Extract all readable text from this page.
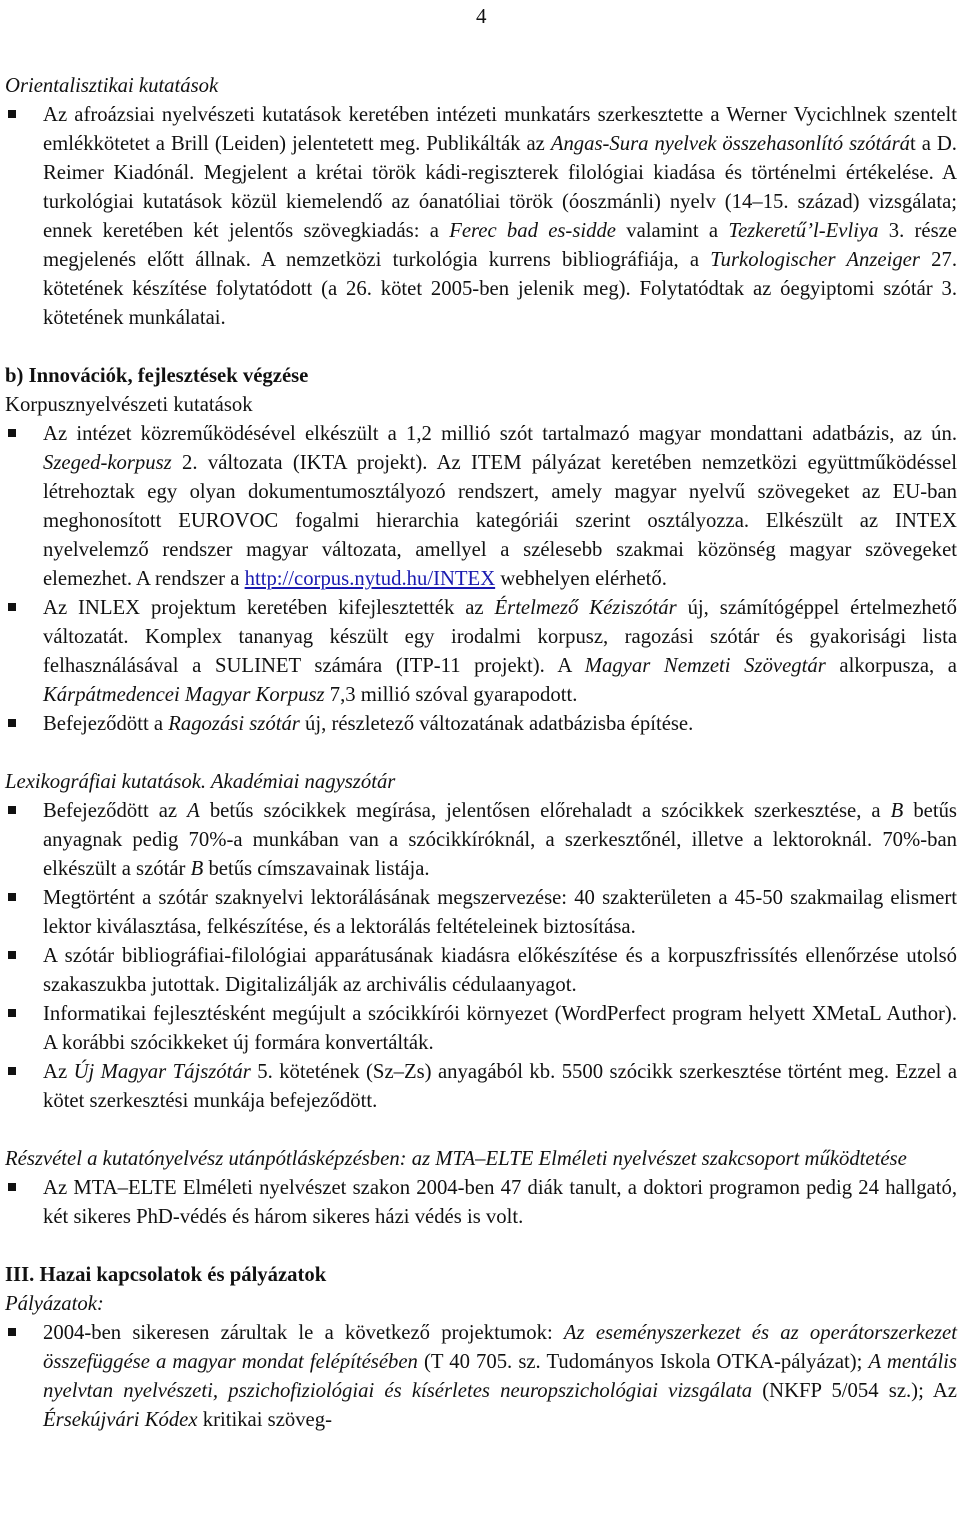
4

Orientalisztikai kutatások

Az afroázsiai nyelvészeti kutatások keretében intézeti munkatárs szerkesztette a Werner Vycichlnek szentelt emlékkötetet a Brill (Leiden) jelentetett meg. Publikálták az Angas-Sura nyelvek összehasonlító szótárát a D. Reimer Kiadónál. Megjelent a krétai török kádi-regiszterek filológiai kiadása és történelmi értékelése. A turkológiai kutatások közül kiemelendő az óanatóliai török (óoszmánli) nyelv (14–15. század) vizsgálata; ennek keretében két jelentős szövegkiadás: a Ferec bad es-sidde valamint a Tezkeretű’l-Evliya 3. része megjelenés előtt állnak. A nemzetközi turkológia kurrens bibliográfiája, a Turkologischer Anzeiger 27. kötetének készítése folytatódott (a 26. kötet 2005-ben jelenik meg). Folytatódtak az óegyiptomi szótár 3. kötetének munkálatai.

b) Innovációk, fejlesztések végzése

Korpusznyelvészeti kutatások

Az intézet közreműködésével elkészült a 1,2 millió szót tartalmazó magyar mondattani adatbázis, az ún. Szeged-korpusz 2. változata (IKTA projekt). Az ITEM pályázat keretében nemzetközi együttműködéssel létrehoztak egy olyan dokumentumosztályozó rendszert, amely magyar nyelvű szövegeket az EU-ban meghonosított EUROVOC fogalmi hierarchia kategóriái szerint osztályozza. Elkészült az INTEX nyelvelemző rendszer magyar változata, amellyel a szélesebb szakmai közönség magyar szövegeket elemezhet. A rendszer a http://corpus.nytud.hu/INTEX webhelyen elérhető.

Az INLEX projektum keretében kifejlesztették az Értelmező Kéziszótár új, számítógéppel értelmezhető változatát. Komplex tananyag készült egy irodalmi korpusz, ragozási szótár és gyakorisági lista felhasználásával a SULINET számára (ITP-11 projekt). A Magyar Nemzeti Szövegtár alkorpusza, a Kárpátmedencei Magyar Korpusz 7,3 millió szóval gyarapodott.

Befejeződött a Ragozási szótár új, részletező változatának adatbázisba építése.

Lexikográfiai kutatások. Akadémiai nagyszótár

Befejeződött az A betűs szócikkek megírása, jelentősen előrehaladt a szócikkek szerkesztése, a B betűs anyagnak pedig 70%-a munkában van a szócikkíróknál, a szerkesztőnél, illetve a lektoroknál. 70%-ban elkészült a szótár B betűs címszavainak listája.

Megtörtént a szótár szaknyelvi lektorálásának megszervezése: 40 szakterületen a 45-50 szakmailag elismert lektor kiválasztása, felkészítése, és a lektorálás feltételeinek biztosítása.

A szótár bibliográfiai-filológiai apparátusának kiadásra előkészítése és a korpuszfrissítés ellenőrzése utolsó szakaszukba jutottak. Digitalizálják az archivális cédulaanyagot.

Informatikai fejlesztésként megújult a szócikkírói környezet (WordPerfect program helyett XMetaL Author). A korábbi szócikkeket új formára konvertálták.

Az Új Magyar Tájszótár 5. kötetének (Sz–Zs) anyagából kb. 5500 szócikk szerkesztése történt meg. Ezzel a kötet szerkesztési munkája befejeződött.

Részvétel a kutatónyelvész utánpótlásképzésben: az MTA–ELTE Elméleti nyelvészet szakcsoport működtetése

Az MTA–ELTE Elméleti nyelvészet szakon 2004-ben 47 diák tanult, a doktori programon pedig 24 hallgató, két sikeres PhD-védés és három sikeres házi védés is volt.

III. Hazai kapcsolatok és pályázatok

Pályázatok:

2004-ben sikeresen zárultak le a következő projektumok: Az eseményszerkezet és az operátorszerkezet összefüggése a magyar mondat felépítésében (T 40 705. sz. Tudományos Iskola OTKA-pályázat); A mentális nyelvtan nyelvészeti, pszichofiziológiai és kísérletes neuropszichológiai vizsgálata (NKFP 5/054 sz.); Az Érsekújvári Kódex kritikai szöveg-
